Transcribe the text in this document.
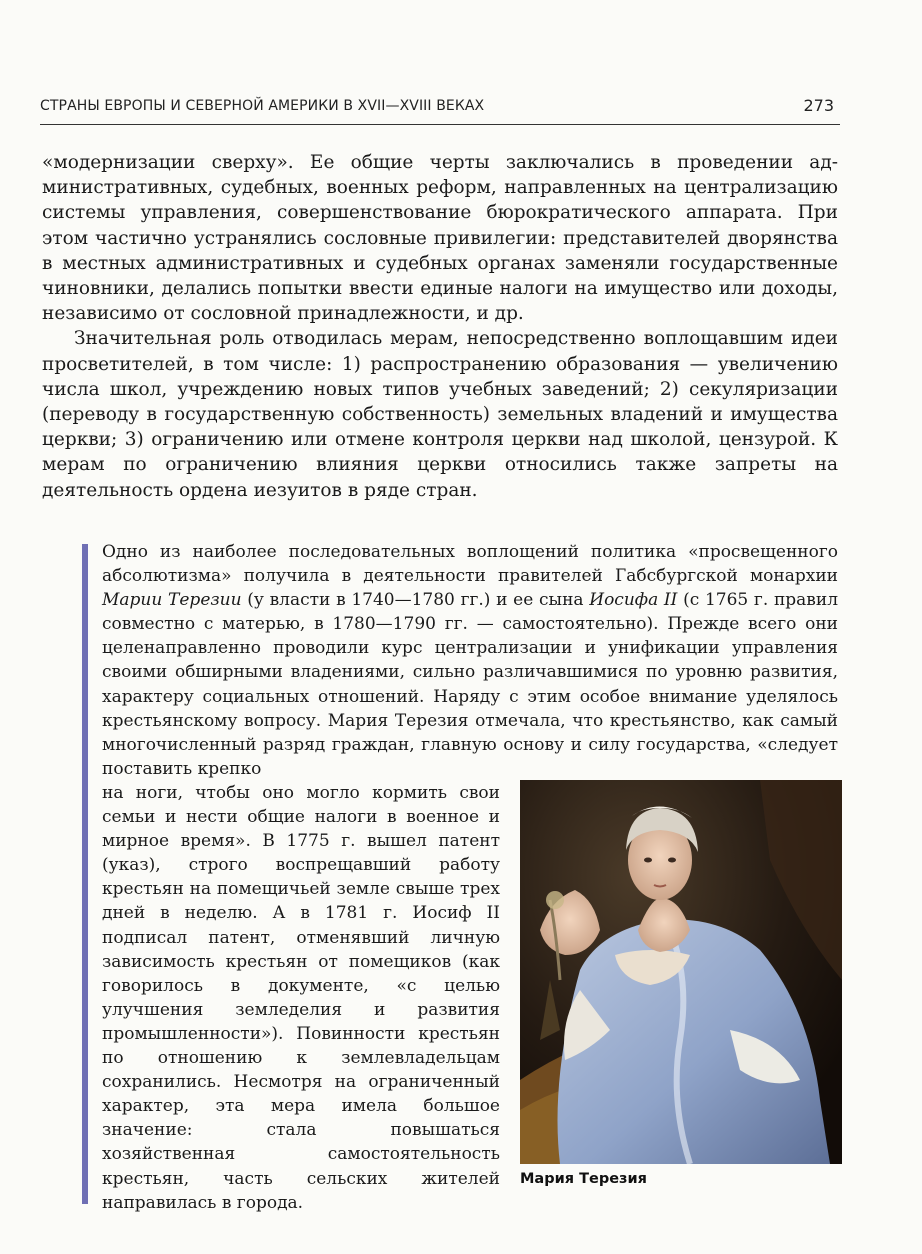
СТРАНЫ ЕВРОПЫ И СЕВЕРНОЙ АМЕРИКИ В XVII—XVIII ВЕКАХ	273

«модернизации сверху». Ее общие черты заключались в проведении административных, судебных, военных реформ, направленных на централизацию системы управления, совершенствование бюрократического аппарата. При этом частично устранялись сословные привилегии: представителей дворянства в местных административных и судебных органах заменяли государственные чиновники, делались попытки ввести единые налоги на имущество или доходы, независимо от сословной принадлежности, и др.

Значительная роль отводилась мерам, непосредственно воплощавшим идеи просветителей, в том числе: 1) распространению образования — увеличению числа школ, учреждению новых типов учебных заведений; 2) секуляризации (переводу в государственную собственность) земельных владений и имущества церкви; 3) ограничению или отмене контроля церкви над школой, цензурой. К мерам по ограничению влияния церкви относились также запреты на деятельность ордена иезуитов в ряде стран.

Одно из наиболее последовательных воплощений политика «просвещенного абсолютизма» получила в деятельности правителей Габсбургской монархии Марии Терезии (у власти в 1740—1780 гг.) и ее сына Иосифа II (с 1765 г. правил совместно с матерью, в 1780—1790 гг. — самостоятельно). Прежде всего они целенаправленно проводили курс централизации и унификации управления своими обширными владениями, сильно различавшимися по уровню развития, характеру социальных отношений. Наряду с этим особое внимание уделялось крестьянскому вопросу. Мария Терезия отмечала, что крестьянство, как самый многочисленный разряд граждан, главную основу и силу государства, «следует поставить крепко
на ноги, чтобы оно могло кормить свои семьи и нести общие налоги в военное и мирное время». В 1775 г. вышел патент (указ), строго воспрещавший работу крестьян на помещичьей земле свыше трех дней в неделю. А в 1781 г. Иосиф II подписал патент, отменявший личную зависимость крестьян от помещиков (как говорилось в документе, «с целью улучшения земледелия и развития промышленности»). Повинности крестьян по отношению к землевладельцам сохранились. Несмотря на ограниченный характер, эта мера имела большое значение: стала повышаться хозяйственная самостоятельность крестьян, часть сельских жителей направилась в города.
Мария Терезия
